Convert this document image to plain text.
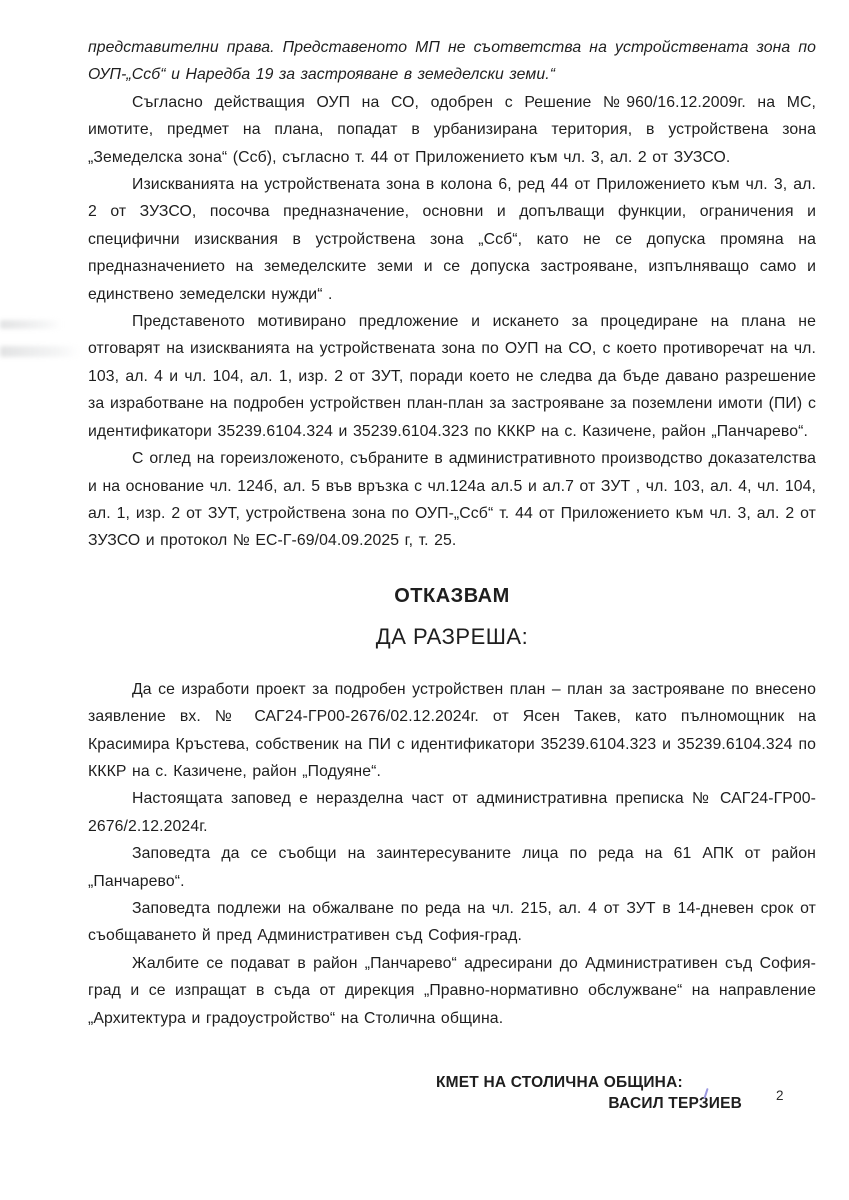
представителни права. Представеното МП не съответства на устройствената зона по ОУП-„Ссб“ и Наредба 19 за застрояване в земеделски земи.“

Съгласно действащия ОУП на СО, одобрен с Решение №960/16.12.2009г. на МС, имотите, предмет на плана, попадат в урбанизирана територия, в устройствена зона „Земеделска зона“ (Ссб), съгласно т. 44 от Приложението към чл. 3, ал. 2 от ЗУЗСО.

Изискванията на устройствената зона в колона 6, ред 44 от Приложението към чл. 3, ал. 2 от ЗУЗСО, посочва предназначение, основни и допълващи функции, ограничения и специфични изисквания в устройствена зона „Ссб“, като не се допуска промяна на предназначението на земеделските земи и се допуска застрояване, изпълняващо само и единствено земеделски нужди“ .

Представеното мотивирано предложение и искането за процедиране на плана не отговарят на изискванията на устройствената зона по ОУП на СО, с което противоречат на чл. 103, ал. 4 и чл. 104, ал. 1, изр. 2 от ЗУТ, поради което не следва да бъде давано разрешение за изработване на подробен устройствен план-план за застрояване за поземлени имоти (ПИ) с идентификатори 35239.6104.324 и 35239.6104.323 по КККР на с. Казичене, район „Панчарево“.

С оглед на гореизложеното, събраните в административното производство доказателства и на основание чл. 124б, ал. 5 във връзка с чл.124а ал.5 и ал.7 от ЗУТ , чл. 103, ал. 4, чл. 104, ал. 1, изр. 2 от ЗУТ, устройствена зона по ОУП-„Ссб“ т. 44 от Приложението към чл. 3, ал. 2 от ЗУЗСО и протокол № ЕС-Г-69/04.09.2025 г, т. 25.

ОТКАЗВАМ
ДА РАЗРЕША:

Да се изработи проект за подробен устройствен план – план за застрояване по внесено заявление вх. № САГ24-ГР00-2676/02.12.2024г. от Ясен Такев, като пълномощник на Красимира Кръстева, собственик на ПИ с идентификатори 35239.6104.323 и 35239.6104.324 по КККР на с. Казичене, район „Подуяне“.

Настоящата заповед е неразделна част от административна преписка № САГ24-ГР00-2676/2.12.2024г.

Заповедта да се съобщи на заинтересуваните лица по реда на 61 АПК от район „Панчарево“.

Заповедта подлежи на обжалване по реда на чл. 215, ал. 4 от ЗУТ в 14-дневен срок от съобщаването й пред Административен съд София-град.

Жалбите се подават в район „Панчарево“ адресирани до Административен съд София-град и се изпращат в съда от дирекция „Правно-нормативно обслужване“ на направление „Архитектура и градоустройство“ на Столична община.

КМЕТ НА СТОЛИЧНА ОБЩИНА:
ВАСИЛ ТЕРЗИЕВ	2
